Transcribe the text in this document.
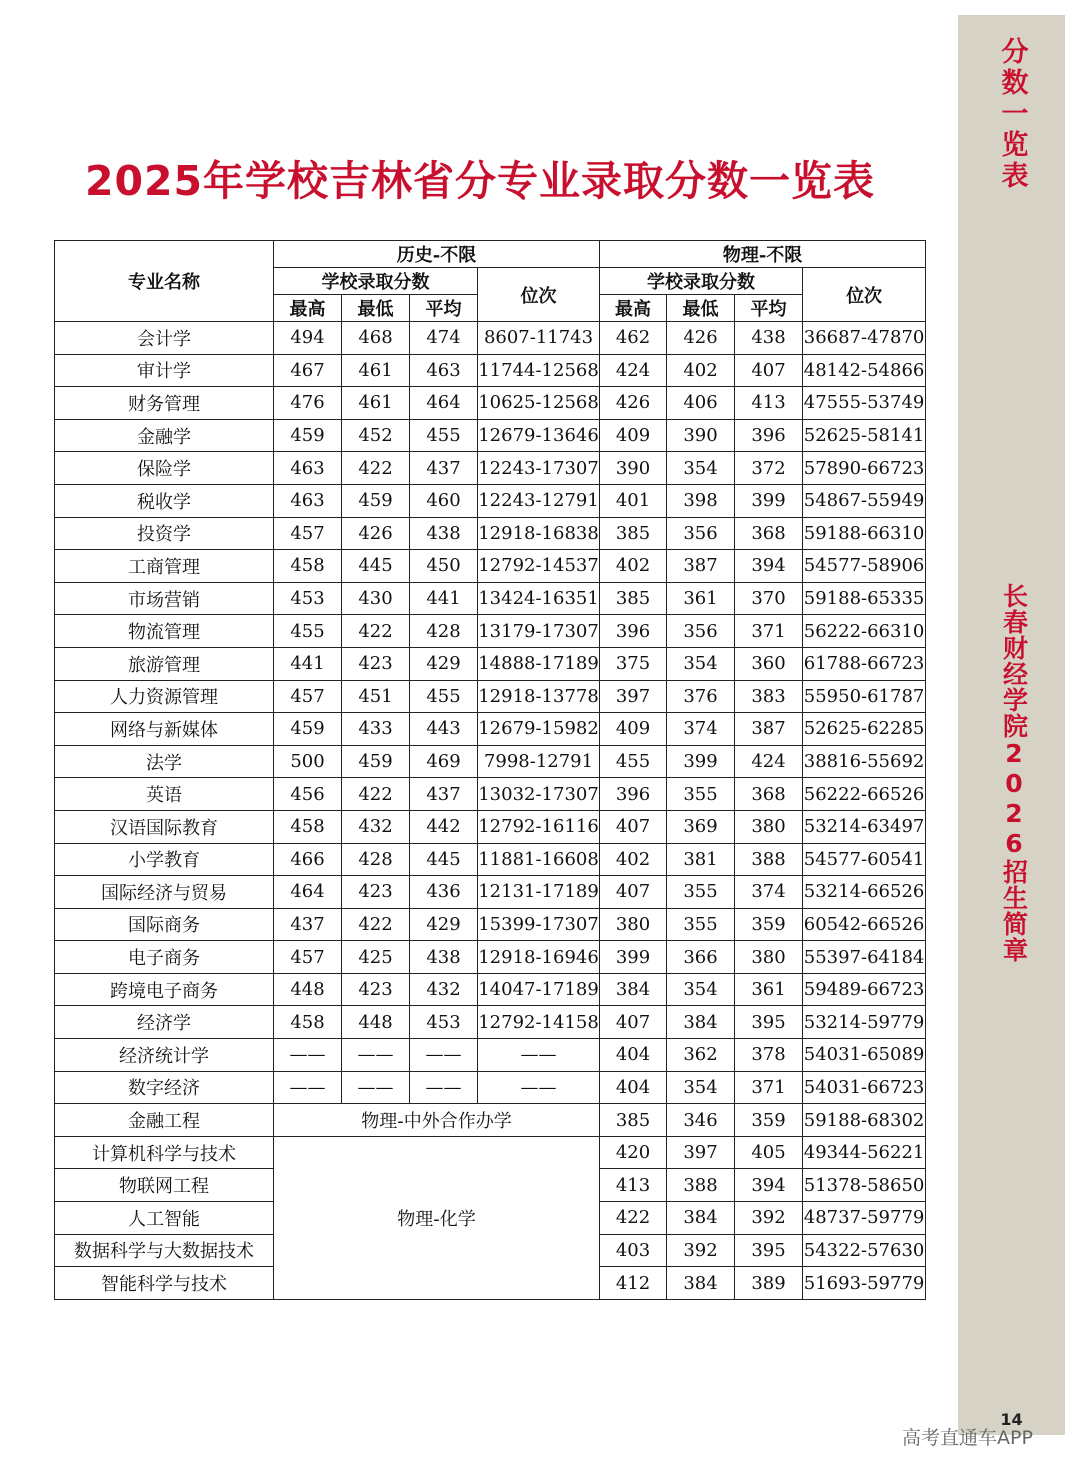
分数一览表
长春财经学院2026招生简章
14
2025年学校吉林省分专业录取分数一览表
专业名称	历史-不限				物理-不限			
	学校录取分数			位次	学校录取分数			位次
	最高	最低	平均		最高	最低	平均	
会计学	494	468	474	8607-11743	462	426	438	36687-47870
审计学	467	461	463	11744-12568	424	402	407	48142-54866
财务管理	476	461	464	10625-12568	426	406	413	47555-53749
金融学	459	452	455	12679-13646	409	390	396	52625-58141
保险学	463	422	437	12243-17307	390	354	372	57890-66723
税收学	463	459	460	12243-12791	401	398	399	54867-55949
投资学	457	426	438	12918-16838	385	356	368	59188-66310
工商管理	458	445	450	12792-14537	402	387	394	54577-58906
市场营销	453	430	441	13424-16351	385	361	370	59188-65335
物流管理	455	422	428	13179-17307	396	356	371	56222-66310
旅游管理	441	423	429	14888-17189	375	354	360	61788-66723
人力资源管理	457	451	455	12918-13778	397	376	383	55950-61787
网络与新媒体	459	433	443	12679-15982	409	374	387	52625-62285
法学	500	459	469	7998-12791	455	399	424	38816-55692
英语	456	422	437	13032-17307	396	355	368	56222-66526
汉语国际教育	458	432	442	12792-16116	407	369	380	53214-63497
小学教育	466	428	445	11881-16608	402	381	388	54577-60541
国际经济与贸易	464	423	436	12131-17189	407	355	374	53214-66526
国际商务	437	422	429	15399-17307	380	355	359	60542-66526
电子商务	457	425	438	12918-16946	399	366	380	55397-64184
跨境电子商务	448	423	432	14047-17189	384	354	361	59489-66723
经济学	458	448	453	12792-14158	407	384	395	53214-59779
经济统计学	——	——	——	——	404	362	378	54031-65089
数字经济	——	——	——	——	404	354	371	54031-66723
金融工程	物理-中外合作办学				385	346	359	59188-68302
计算机科学与技术	物理-化学				420	397	405	49344-56221
物联网工程					413	388	394	51378-58650
人工智能					422	384	392	48737-59779
数据科学与大数据技术					403	392	395	54322-57630
智能科学与技术					412	384	389	51693-59779
高考直通车APP
